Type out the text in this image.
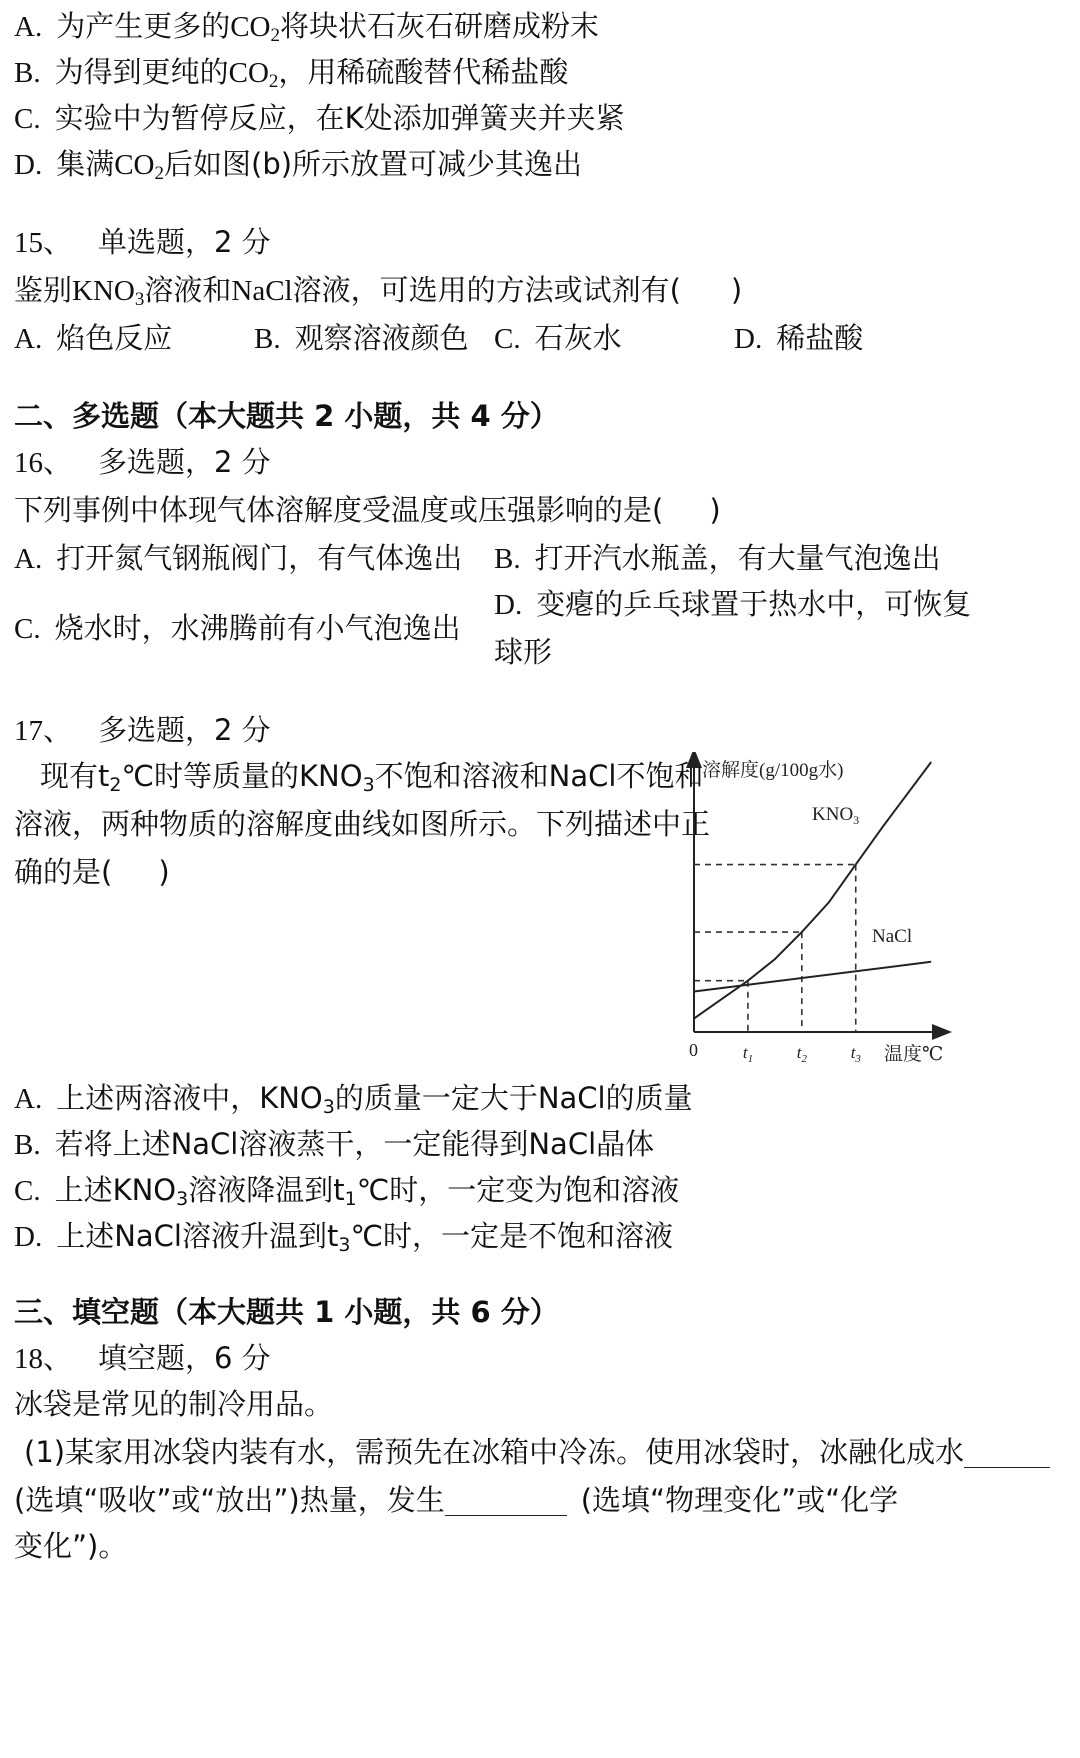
A. 为产生更多的$CO_2$将块状石灰石研磨成粉末
B. 为得到更纯的$CO_2$，用稀硫酸替代稀盐酸
C. 实验中为暂停反应，在K处添加弹簧夹并夹紧
D. 集满$CO_2$后如图(b)所示放置可减少其逸出
15、 单选题，2 分
鉴别$KNO_3$溶液和NaCl溶液，可选用的方法或试剂有( )
A. 焰色反应	B. 观察溶液颜色 C. 石灰水	D. 稀盐酸
二、多选题（本大题共 2 小题，共 4 分）
16、 多选题，2 分
下列事例中体现气体溶解度受温度或压强影响的是( )
A. 打开氮气钢瓶阀门，有气体逸出 B. 打开汽水瓶盖，有大量气泡逸出
C. 烧水时，水沸腾前有小气泡逸出
D. 变瘪的乒乓球置于热水中，可恢复
球形
17、 多选题，2 分
现有$t_2℃$时等质量的$KNO_3$不饱和溶液和NaCl不饱和
溶液，两种物质的溶解度曲线如图所示。下列描述中正
确的是( )
溶解度(g/100g水)
温度℃
0	$t_1$	$t_2$	$t_3$
$KNO_3$
NaCl
A. 上述两溶液中，$KNO_3$的质量一定大于NaCl的质量
B. 若将上述NaCl溶液蒸干，一定能得到NaCl晶体
C. 上述$KNO_3$溶液降温到$t_1℃$时，一定变为饱和溶液
D. 上述NaCl溶液升温到$t_3℃$时，一定是不饱和溶液
三、填空题（本大题共 1 小题，共 6 分）
18、 填空题，6 分
冰袋是常见的制冷用品。
(1)某家用冰袋内装有水，需预先在冰箱中冷冻。使用冰袋时，冰融化成水
(选填“吸收”或“放出”)热量，发生	(选填“物理变化”或“化学
变化”)。
